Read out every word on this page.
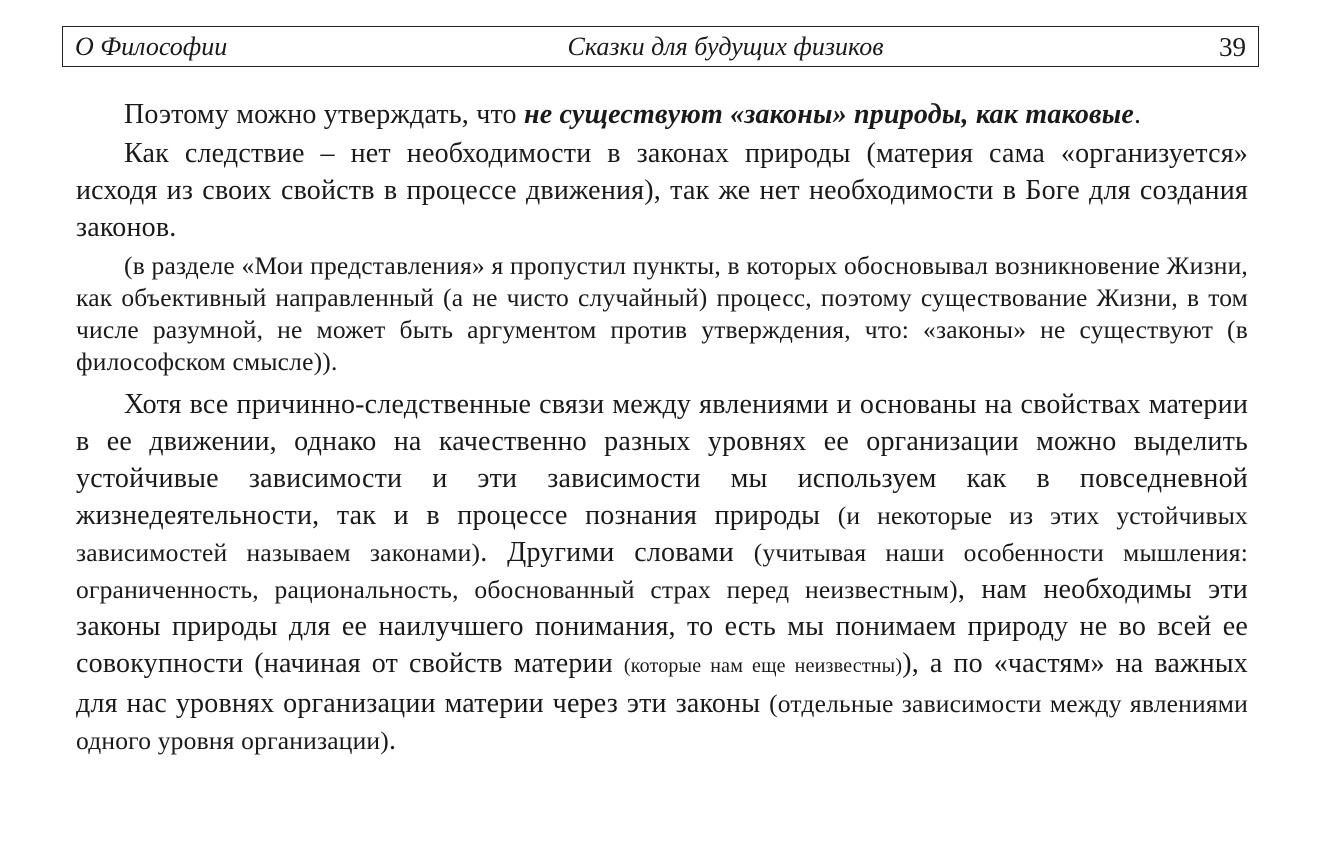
О Философии	Сказки для будущих физиков	39

Поэтому можно утверждать, что не существуют «законы» природы, как таковые.

Как следствие – нет необходимости в законах природы (материя сама «организуется» исходя из своих свойств в процессе движения), так же нет необходимости в Боге для создания законов.

(в разделе «Мои представления» я пропустил пункты, в которых обосновывал возникновение Жизни, как объективный направленный (а не чисто случайный) процесс, поэтому существование Жизни, в том числе разумной, не может быть аргументом против утверждения, что: «законы» не существуют (в философском смысле)).

Хотя все причинно-следственные связи между явлениями и основаны на свойствах материи в ее движении, однако на качественно разных уровнях ее организации можно выделить устойчивые зависимости и эти зависимости мы используем как в повседневной жизнедеятельности, так и в процессе познания природы (и некоторые из этих устойчивых зависимостей называем законами). Другими словами (учитывая наши особенности мышления: ограниченность, рациональность, обоснованный страх перед неизвестным), нам необходимы эти законы природы для ее наилучшего понимания, то есть мы понимаем природу не во всей ее совокупности (начиная от свойств материи (которые нам еще неизвестны)), а по «частям» на важных для нас уровнях организации материи через эти законы (отдельные зависимости между явлениями одного уровня организации).
